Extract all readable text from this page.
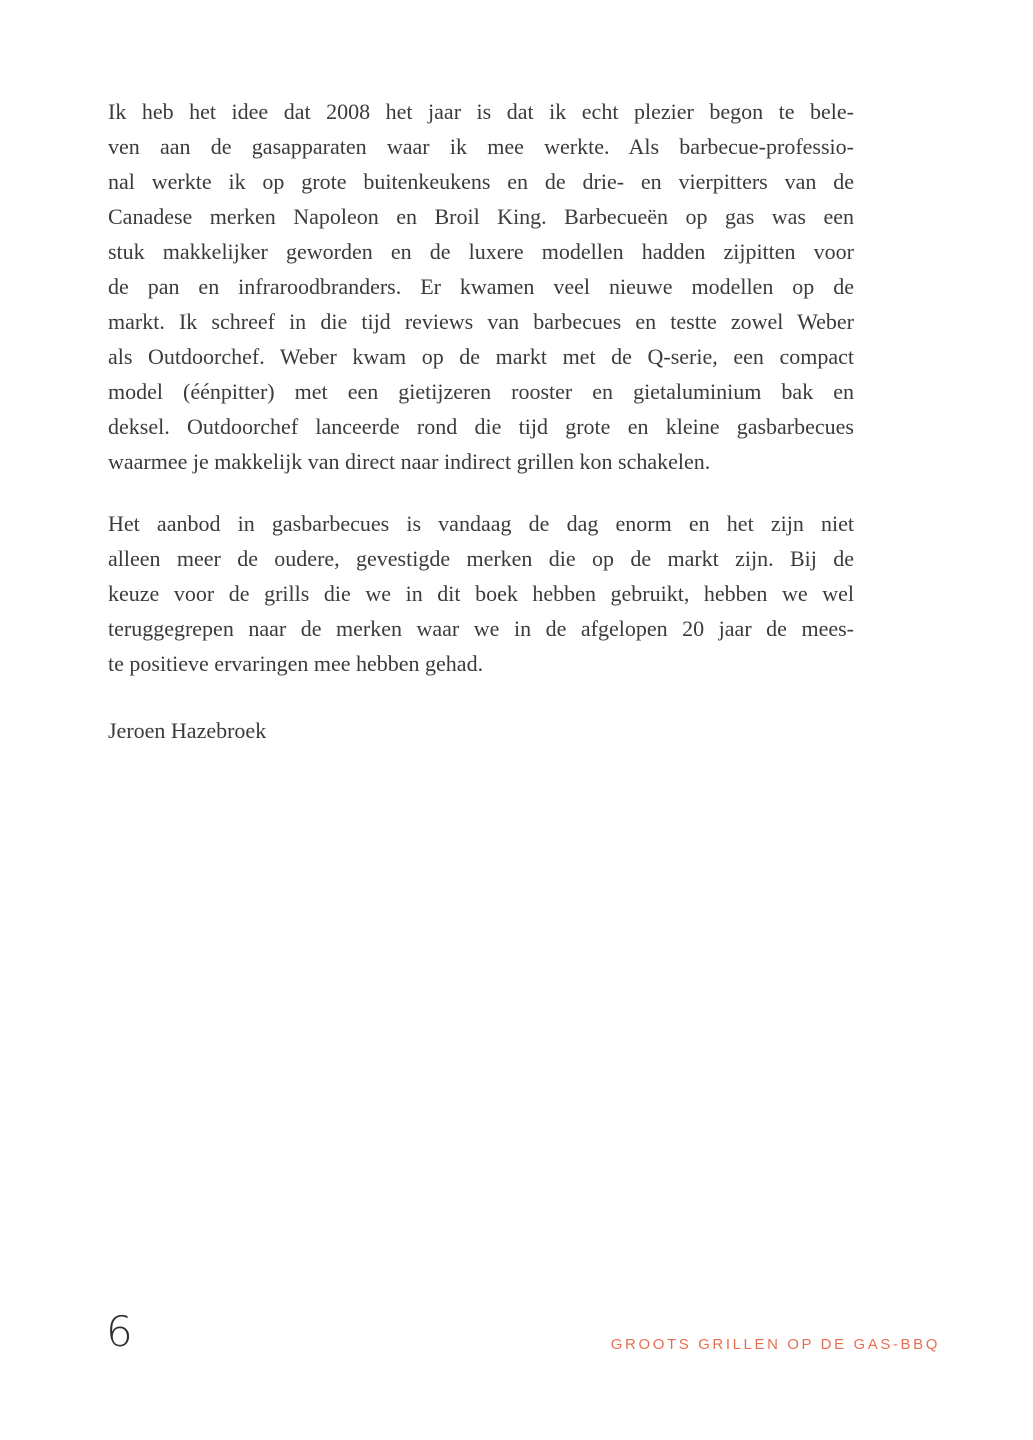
Ik heb het idee dat 2008 het jaar is dat ik echt plezier begon te bele-
ven aan de gasapparaten waar ik mee werkte. Als barbecue-professio-
nal werkte ik op grote buitenkeukens en de drie- en vierpitters van de
Canadese merken Napoleon en Broil King. Barbecueën op gas was een
stuk makkelijker geworden en de luxere modellen hadden zijpitten voor
de pan en infraroodbranders. Er kwamen veel nieuwe modellen op de
markt. Ik schreef in die tijd reviews van barbecues en testte zowel Weber
als Outdoorchef. Weber kwam op de markt met de Q-serie, een compact
model (éénpitter) met een gietijzeren rooster en gietaluminium bak en
deksel. Outdoorchef lanceerde rond die tijd grote en kleine gasbarbecues
waarmee je makkelijk van direct naar indirect grillen kon schakelen.
Het aanbod in gasbarbecues is vandaag de dag enorm en het zijn niet
alleen meer de oudere, gevestigde merken die op de markt zijn. Bij de
keuze voor de grills die we in dit boek hebben gebruikt, hebben we wel
teruggegrepen naar de merken waar we in de afgelopen 20 jaar de mees-
te positieve ervaringen mee hebben gehad.
Jeroen Hazebroek
6	GROOTS GRILLEN OP DE GAS-BBQ
